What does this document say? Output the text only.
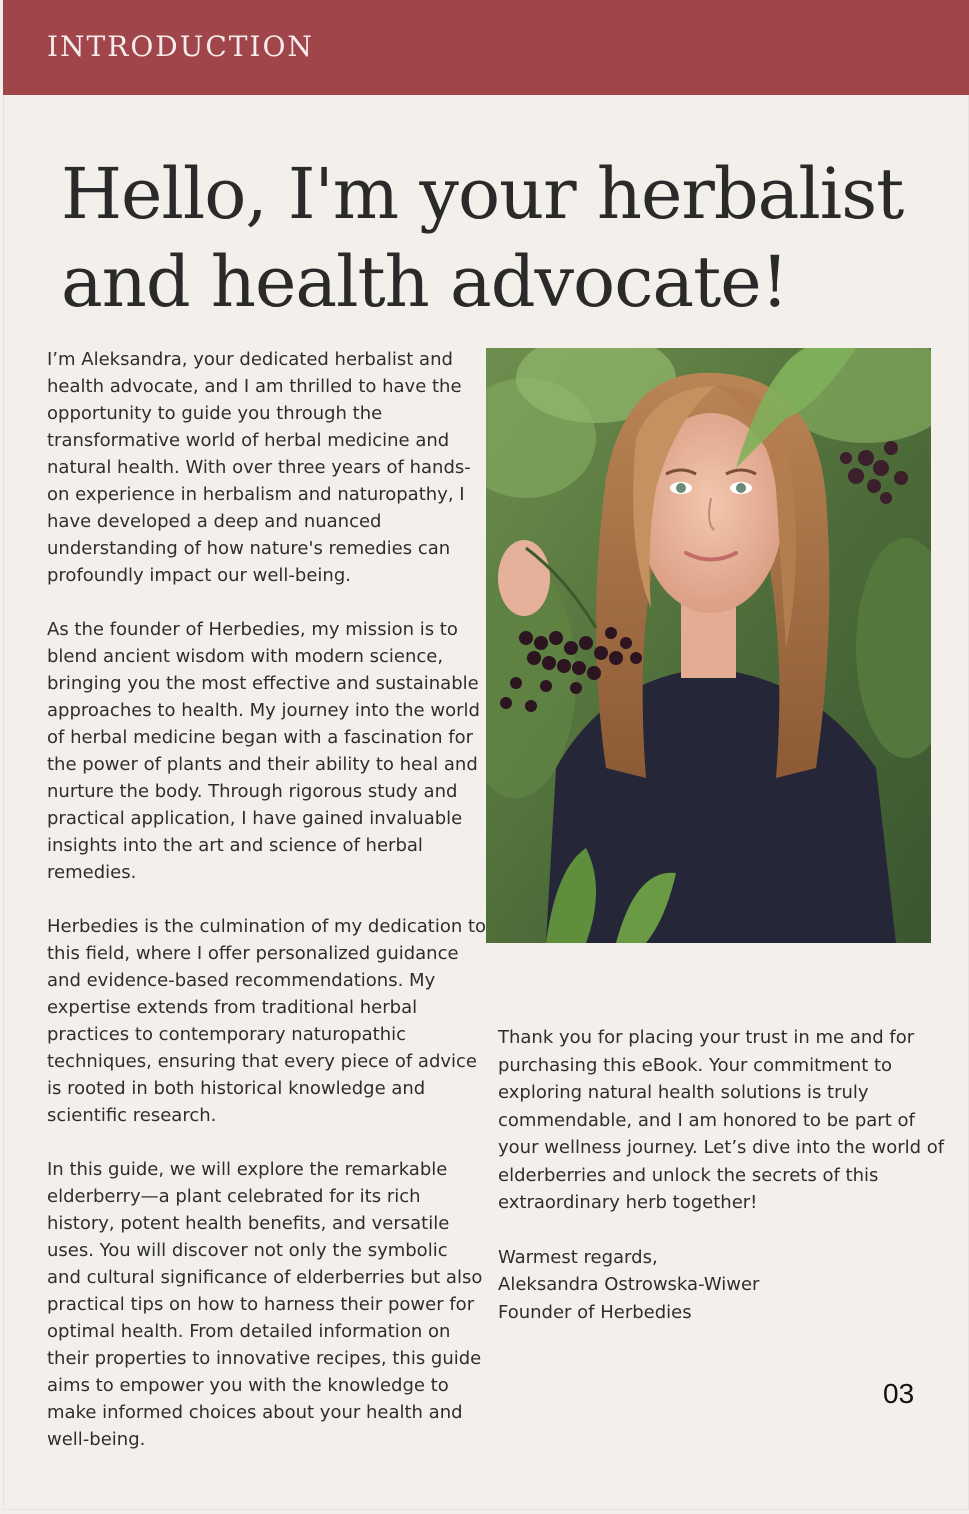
INTRODUCTION
Hello, I'm your herbalist and health advocate!

I’m Aleksandra, your dedicated herbalist and health advocate, and I am thrilled to have the opportunity to guide you through the transformative world of herbal medicine and natural health. With over three years of hands-on experience in herbalism and naturopathy, I have developed a deep and nuanced understanding of how nature's remedies can profoundly impact our well-being.

As the founder of Herbedies, my mission is to blend ancient wisdom with modern science, bringing you the most effective and sustainable approaches to health. My journey into the world of herbal medicine began with a fascination for the power of plants and their ability to heal and nurture the body. Through rigorous study and practical application, I have gained invaluable insights into the art and science of herbal remedies.

Herbedies is the culmination of my dedication to this field, where I offer personalized guidance and evidence-based recommendations. My expertise extends from traditional herbal practices to contemporary naturopathic techniques, ensuring that every piece of advice is rooted in both historical knowledge and scientific research.

In this guide, we will explore the remarkable elderberry—a plant celebrated for its rich history, potent health benefits, and versatile uses. You will discover not only the symbolic and cultural significance of elderberries but also practical tips on how to harness their power for optimal health. From detailed information on their properties to innovative recipes, this guide aims to empower you with the knowledge to make informed choices about your health and well-being.

Thank you for placing your trust in me and for purchasing this eBook. Your commitment to exploring natural health solutions is truly commendable, and I am honored to be part of your wellness journey. Let’s dive into the world of elderberries and unlock the secrets of this extraordinary herb together!

Warmest regards,
Aleksandra Ostrowska-Wiwer
Founder of Herbedies

03
